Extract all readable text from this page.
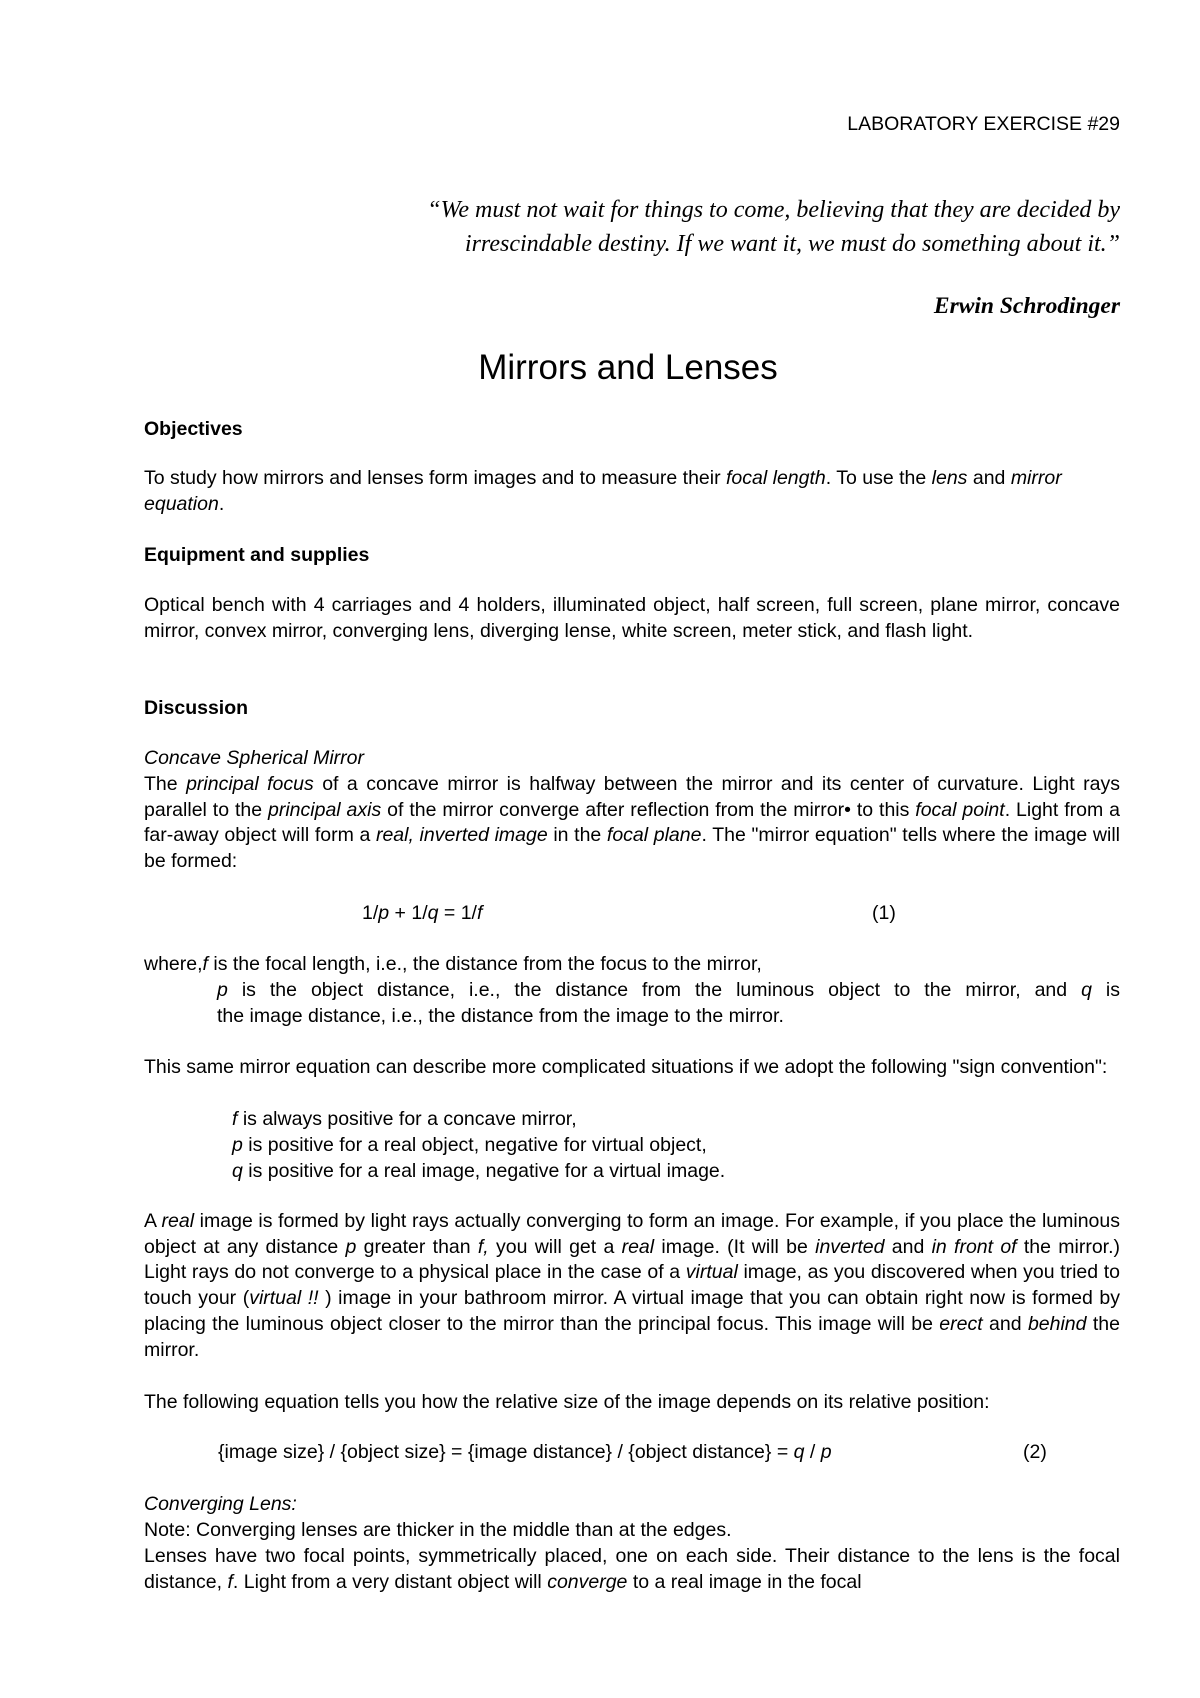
LABORATORY EXERCISE #29
“We must not wait for things to come, believing that they are decided by
irrescindable destiny. If we want it, we must do something about it.”
Erwin Schrodinger
Mirrors and Lenses
Objectives

To study how mirrors and lenses form images and to measure their focal length. To use the lens and mirror equation.

Equipment and supplies

Optical bench with 4 carriages and 4 holders, illuminated object, half screen, full screen, plane mirror, concave mirror, convex mirror, converging lens, diverging lense, white screen, meter stick, and flash light.

Discussion
Concave Spherical Mirror

The principal focus of a concave mirror is halfway between the mirror and its center of curvature. Light rays parallel to the principal axis of the mirror converge after reflection from the mirror• to this focal point. Light from a far-away object will form a real, inverted image in the focal plane. The "mirror equation" tells where the image will be formed:

1/p + 1/q = 1/f	(1)
where,f is the focal length, i.e., the distance from the focus to the mirror,
p is the object distance, i.e., the distance from the luminous object to the mirror, and q is
the image distance, i.e., the distance from the image to the mirror.

This same mirror equation can describe more complicated situations if we adopt the following "sign convention":

f is always positive for a concave mirror,
p is positive for a real object, negative for virtual object,
q is positive for a real image, negative for a virtual image.

A real image is formed by light rays actually converging to form an image. For example, if you place the luminous object at any distance p greater than f, you will get a real image. (It will be inverted and in front of the mirror.) Light rays do not converge to a physical place in the case of a virtual image, as you discovered when you tried to touch your (virtual !! ) image in your bathroom mirror. A virtual image that you can obtain right now is formed by placing the luminous object closer to the mirror than the principal focus. This image will be erect and behind the mirror.

The following equation tells you how the relative size of the image depends on its relative position:

{image size} / {object size} = {image distance} / {object distance} = q / p	(2)
Converging Lens:
Note: Converging lenses are thicker in the middle than at the edges.

Lenses have two focal points, symmetrically placed, one on each side. Their distance to the lens is the focal distance, f. Light from a very distant object will converge to a real image in the focal
